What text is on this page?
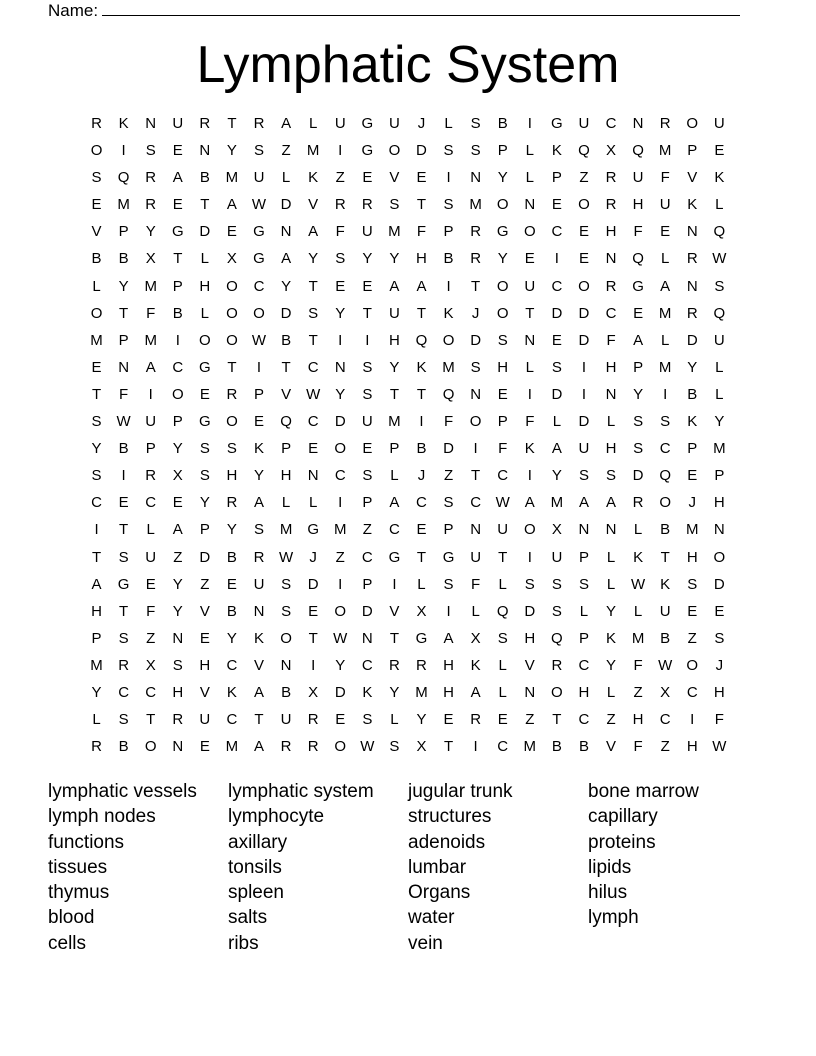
Name:
Lymphatic System
R	K	N	U	R	T	R	A	L	U	G	U	J	L	S	B	I	G	U	C	N	R	O	U
O	I	S	E	N	Y	S	Z	M	I	G	O	D	S	S	P	L	K	Q	X	Q M	P	E
S	Q	R	A	B	M	U	L	K	Z	E	V	E	I	N	Y	L	P	Z	R	U	F	V	K
E	M	R	E	T	A W D	V	R	R	S	T	S	M	O	N	E	O	R	H	U	K	L
V	P	Y	G	D	E	G	N	A	F	U	M	F	P	R	G	O	C	E	H	F	E	N	Q
B	B	X	T	L	X	G	A	Y	S	Y	Y	H	B	R	Y	E	I	E	N	Q	L	R W
L	Y	M	P	H	O	C	Y	T	E	E	A	A	I	T	O	U	C	O	R	G	A	N	S
O	T	F	B	L	O	O	D	S	Y	T	U	T	K	J	O	T	D	D	C	E	M	R	Q
M	P	M	I	O	O W B	T	I	I	H	Q	O	D	S	N	E	D	F	A	L	D	U
E	N	A	C	G	T	I	T	C	N	S	Y	K	M	S	H	L	S	I	H	P	M	Y	L
T	F	I	O	E	R	P	V W Y	S	T	T	Q	N	E	I	D	I	N	Y	I	B	L
S W U	P	G	O	E	Q	C	D	U	M	I	F	O	P	F	L	D	L	S	S	K	Y
Y	B	P	Y	S	S	K	P	E	O	E	P	B	D	I	F	K	A	U	H	S	C	P	M
S	I	R	X	S	H	Y	H	N	C	S	L	J	Z	T	C	I	Y	S	S	D	Q	E	P
C	E	C	E	Y	R	A	L	L	I	P	A	C	S	C W A	M	A	A	R	O	J	H
I	T	L	A	P	Y	S	M	G M	Z	C	E	P	N	U	O	X	N	N	L	B	M	N
T	S	U	Z	D	B	R W	J	Z	C	G	T	G	U	T	I	U	P	L	K	T	H	O
A	G	E	Y	Z	E	U	S	D	I	P	I	L	S	F	L	S	S	S	L	W K	S	D
H	T	F	Y	V	B	N	S	E	O	D	V	X	I	L	Q	D	S	L	Y	L	U	E	E
P	S	Z	N	E	Y	K	O	T	W N	T	G	A	X	S	H	Q	P	K	M	B	Z	S
M	R	X	S	H	C	V	N	I	Y	C	R	R	H	K	L	V	R	C	Y	F	W O	J
Y	C	C	H	V	K	A	B	X	D	K	Y	M	H	A	L	N	O	H	L	Z	X	C	H
L	S	T	R	U	C	T	U	R	E	S	L	Y	E	R	E	Z	T	C	Z	H	C	I	F
R	B	O	N	E	M	A	R	R	O W S	X	T	I	C	M	B	B	V	F	Z	H W
lymphatic vessels
lymph nodes
functions
tissues
thymus
blood
cells
lymphatic system
lymphocyte
axillary
tonsils
spleen
salts
ribs
jugular trunk
structures
adenoids
lumbar
Organs
water
vein
bone marrow
capillary
proteins
lipids
hilus
lymph
